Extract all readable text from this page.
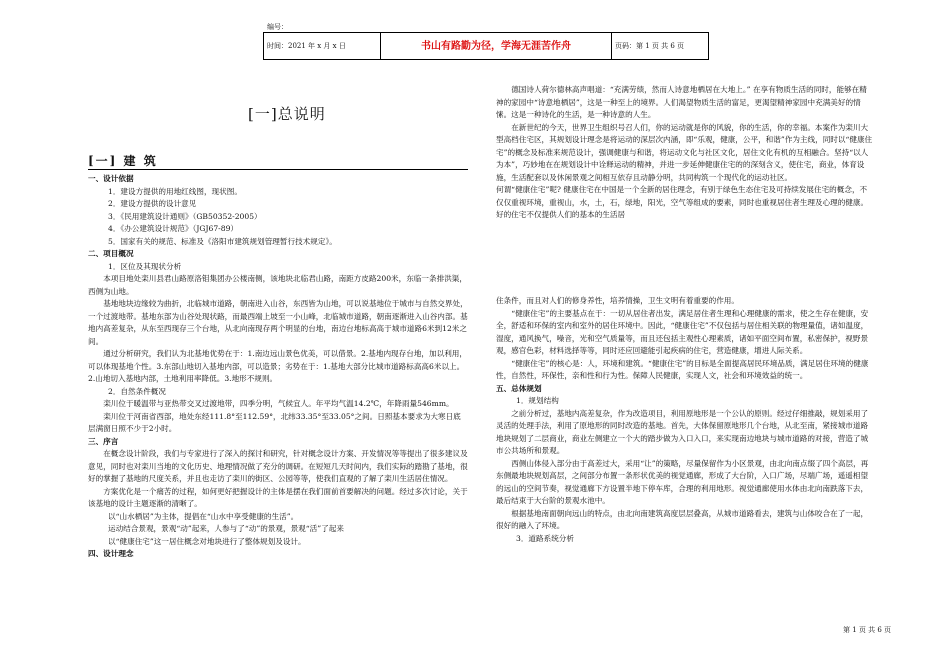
编号：
时间：2021 年 x 月 x 日	书山有路勤为径，学海无涯苦作舟	页码：第 1 页 共 6 页
[一]总说明
[一] 建 筑

一、设计依据

1．建设方提供的用地红线图，现状图。

2．建设方提供的设计意见

3．《民用建筑设计通则》（GB50352-2005）

4．《办公建筑设计规范》（JGJ67-89）

5．国家有关的规范、标准及《洛阳市建筑规划管理暂行技术规定》。

二、项目概况

1．区位及其现状分析

本项目地处栾川县君山路原洛钼集团办公楼南侧，该地块北临君山路，南距方皮路200米，东临一条排洪渠，西侧为山地。

基地地块边缘较为曲折，北临城市道路，朝南进入山谷，东西皆为山地，可以说基地位于城市与自然交界处，一个过渡地带。基地东部为山谷处现状路，而最西端上坡至一小山峰，北临城市道路，朝南逐渐进入山谷内部。基地内高差复杂，从东至西现存三个台地，从北向南现存两个明显的台地，南边台地标高高于城市道路6米到12米之间。

通过分析研究，我们认为北基地优势在于：1.南边远山景色优美，可以借景。2.基地内现存台地，加以利用，可以体现基地个性。3.东部山地切入基地内部，可以造景；劣势在于：1.基地大部分比城市道路标高高6米以上。2.山地切入基地内部，土地利用率降低。3.地形不规则。

2．自然条件概况

栾川位于暖温带与亚热带交叉过渡地带，四季分明，气候宜人。年平均气温14.2℃，年降雨量546mm。

栾川位于河南省西部，地处东经111.8°至112.59°，北纬33.35°至33.05°之间。日照基本要求为大寒日底层满窗日照不少于2小时。

三、序言

在概念设计阶段，我们与专家进行了深入的探讨和研究，针对概念设计方案、开发情况等等提出了很多建议及意见，同时也对栾川当地的文化历史、地理情况做了充分的调研。在短短几天时间内，我们实际的踏勘了基地，很好的掌握了基地的尺度关系，并且也走访了栾川的街区、公园等等，使我们直观的了解了栾川生活居住情况。

方案优化是一个痛苦的过程，如何更好把握设计的主体是摆在我们面前首要解决的问题。经过多次讨论，关于该基地的设计主题逐渐的清晰了。

以“山水栖居”为主体，提倡在“山水中享受健康的生活”。

运动结合景观，景观“动”起来，人参与了“动”的景观，景观“活”了起来

以“健康住宅”这一居住概念对地块进行了整体规划及设计。

四、设计理念

德国诗人荷尔德林高声唱道：“充满劳绩，然而人诗意地栖居在大地上。” 在享有物质生活的同时，能够在精神的家园中“诗意地栖居”，这是一种至上的境界。人们渴望物质生活的富足，更渴望精神家园中充满美好的情愫。这是一种诗化的生活，是一种诗意的人生。

在新世纪的今天，世界卫生组织号召人们，你的运动就是你的风貌，你的生活，你的幸福。本案作为栾川大型高档住宅区，其规划设计理念是将运动的深层次内涵，即“乐观，健康，公平，和谐”作为主线，同时以“健康住宅”的概念及标准来规范设计，强调健康与和谐，将运动文化与社区文化，居住文化有机的互相融合。坚持“以人为本”，巧妙地在在规划设计中诠释运动的精神，并进一步延伸健康住宅的的深刻含义，使住宅，商业，体育设施，生活配套以及休闲景观之间相互依存且动静分明，共同构筑一个现代化的运动社区。

何谓“健康住宅”呢? 健康住宅在中国是一个全新的居住理念，有别于绿色生态住宅及可持续发展住宅的概念，不仅仅重视环境，重视山，水，土，石，绿地，阳光，空气等组成的要素，同时也重视居住者生理及心理的健康。好的住宅不仅提供人们的基本的生活居

住条件，而且对人们的修身养性，培养情操，卫生文明有着重要的作用。

“健康住宅”的主要基点在于：一切从居住者出发，满足居住者生理和心理健康的需求，使之生存在健康，安全，舒适和环保的室内和室外的居住环境中。因此，“健康住宅”不仅包括与居住相关联的物理量值，诸如温度，湿度，通风换气，噪音，光和空气质量等，而且还包括主观性心理素质，诸如平面空间布置，私密保护，视野景观，感官色彩，材料选择等等，同时还应回避能引起疾病的住宅，营造健康，增进人际关系。

“健康住宅”的核心是：人，环境和建筑。“健康住宅”的目标是全面提高居民环境品质，满足居住环境的健康性，自然性，环保性，亲和性和行为性。保障人民健康，实现人文，社会和环境效益的统一。

五、总体规划

1．规划结构

之前分析过，基地内高差复杂，作为改造项目，利用原地形是一个公认的原则。经过仔细推敲，规划采用了灵活的处理手法，利用了原地形的同时改造的基地。首先，大体保留原地形几个台地，从北至南，紧接城市道路地块规划了二层商业，商业左侧建立一个大的踏步做为入口入口，来实现南边地块与城市道路的对接，营造了城市公共场所和景观。

西侧山体侵入部分由于高差过大，采用“让”的策略，尽量保留作为小区景观，由北向南点缀了四个高层，再东侧最地块规划高层，之间部分布置一条形状优美的视觉通廊，形成了大台阶，入口广场，尽端广场，遥遥相望的远山的空间节奏，视觉通廊下方设置半地下停车库，合理的利用地形。视觉通廊使用水体由北向南跌落下去，最后结束于大台阶的景观水池中。

根据基地南面朝向远山的特点，由北向南建筑高度层层叠高，从城市道路看去，建筑与山体咬合在了一起，很好的融入了环境。

3．道路系统分析

第 1 页 共 6 页
